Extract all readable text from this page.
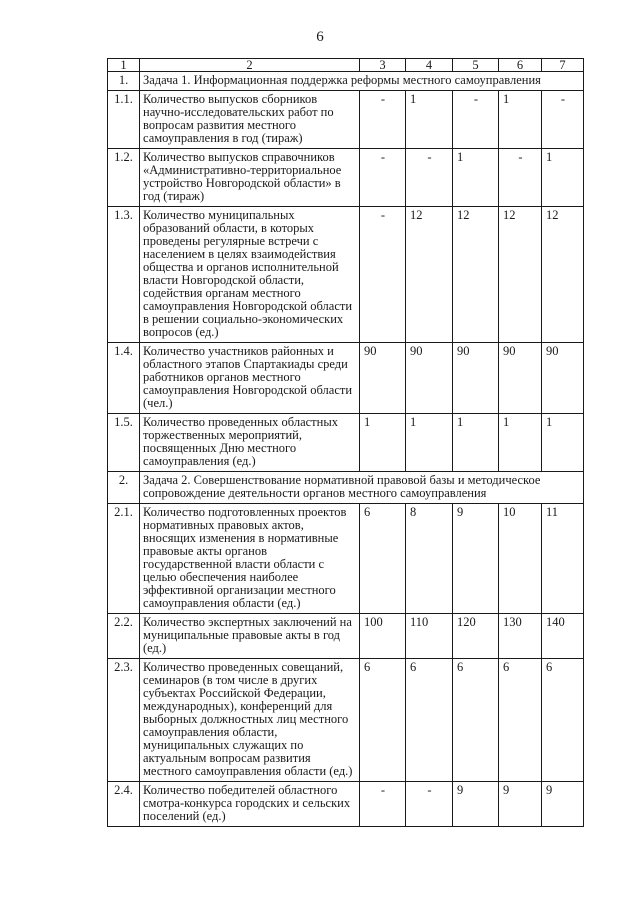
6
1	2	3	4	5	6	7
1.	Задача 1. Информационная поддержка реформы местного самоуправления					
1.1.	Количество выпусков сборников научно-исследовательских работ по вопросам развития местного самоуправления в год (тираж)	-	1	-	1	-
1.2.	Количество выпусков справочников «Административно-территориальное устройство Новгородской области» в год (тираж)	-	-	1	-	1
1.3.	Количество муниципальных образований области, в которых проведены регулярные встречи с населением в целях взаимодействия общества и органов исполнительной власти Новгородской области, содействия органам местного самоуправления Новгородской области в решении социально-экономических вопросов (ед.)	-	12	12	12	12
1.4.	Количество участников районных и областного этапов Спартакиады среди работников органов местного самоуправления Новгородской области (чел.)	90	90	90	90	90
1.5.	Количество проведенных областных торжественных мероприятий, посвященных Дню местного самоуправления (ед.)	1	1	1	1	1
2.	Задача 2. Совершенствование нормативной правовой базы и методическое сопровождение деятельности органов местного самоуправления					
2.1.	Количество подготовленных проектов нормативных правовых актов, вносящих изменения в нормативные правовые акты органов государственной власти области с целью обеспечения наиболее эффективной организации местного самоуправления области (ед.)	6	8	9	10	11
2.2.	Количество экспертных заключений на муниципальные правовые акты в год (ед.)	100	110	120	130	140
2.3.	Количество проведенных совещаний, семинаров (в том числе в других субъектах Российской Федерации, международных), конференций для выборных должностных лиц местного самоуправления области, муниципальных служащих по актуальным вопросам развития местного самоуправления области (ед.)	6	6	6	6	6
2.4.	Количество победителей областного смотра-конкурса городских и сельских поселений (ед.)	-	-	9	9	9
